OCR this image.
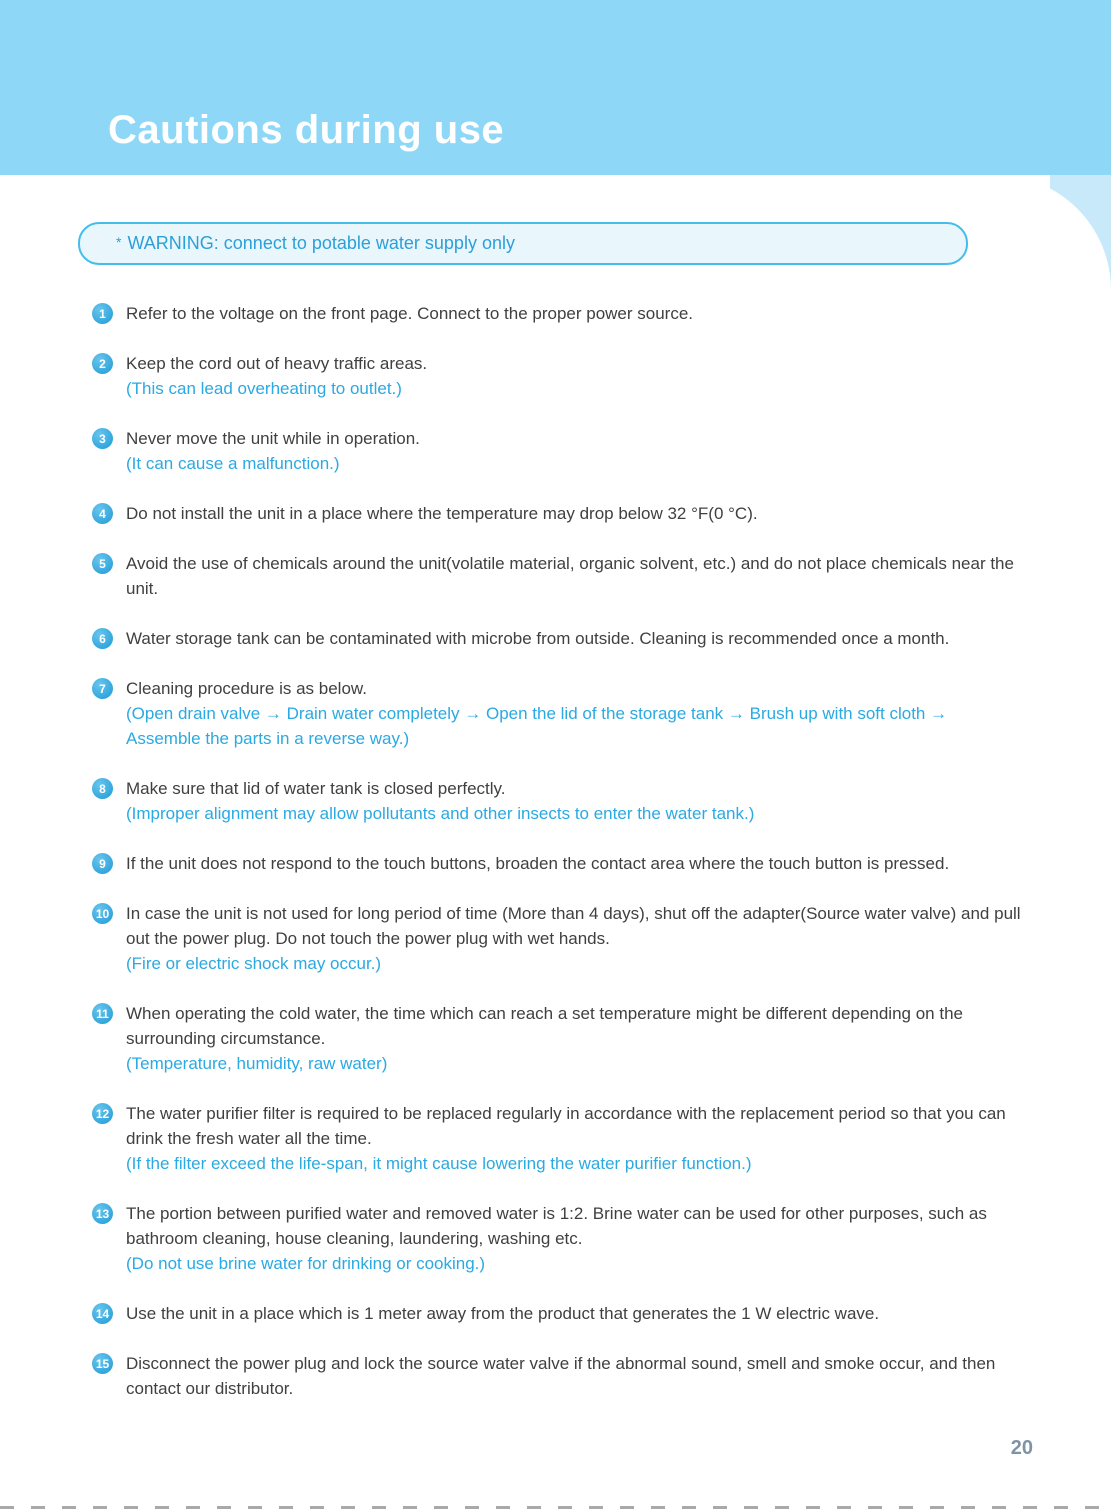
Cautions during use
* WARNING: connect to potable water supply only
1	Refer to the voltage on the front page. Connect to the proper power source.
2	Keep the cord out of heavy traffic areas.
(This can lead overheating to outlet.)
3	Never move the unit while in operation.
(It can cause a malfunction.)
4	Do not install the unit in a place where the temperature may drop below 32 °F(0 °C).
5	Avoid the use of chemicals around the unit(volatile material, organic solvent, etc.) and do not place chemicals near the unit.
6	Water storage tank can be contaminated with microbe from outside. Cleaning is recommended once a month.
7	Cleaning procedure is as below.
(Open drain valve → Drain water completely → Open the lid of the storage tank → Brush up with soft cloth → Assemble the parts in a reverse way.)
8	Make sure that lid of water tank is closed perfectly.
(Improper alignment may allow pollutants and other insects to enter the water tank.)
9	If the unit does not respond to the touch buttons, broaden the contact area where the touch button is pressed.
10 In case the unit is not used for long period of time (More than 4 days), shut off the adapter(Source water valve) and pull out the power plug. Do not touch the power plug with wet hands.
(Fire or electric shock may occur.)
11 When operating the cold water, the time which can reach a set temperature might be different depending on the surrounding circumstance.
(Temperature, humidity, raw water)
12 The water purifier filter is required to be replaced regularly in accordance with the replacement period so that you can drink the fresh water all the time.
(If the filter exceed the life-span, it might cause lowering the water purifier function.)
13 The portion between purified water and removed water is 1:2. Brine water can be used for other purposes, such as bathroom cleaning, house cleaning, laundering, washing etc.
(Do not use brine water for drinking or cooking.)
14 Use the unit in a place which is 1 meter away from the product that generates the 1 W electric wave.
15 Disconnect the power plug and lock the source water valve if the abnormal sound, smell and smoke occur, and then contact our distributor.
20
